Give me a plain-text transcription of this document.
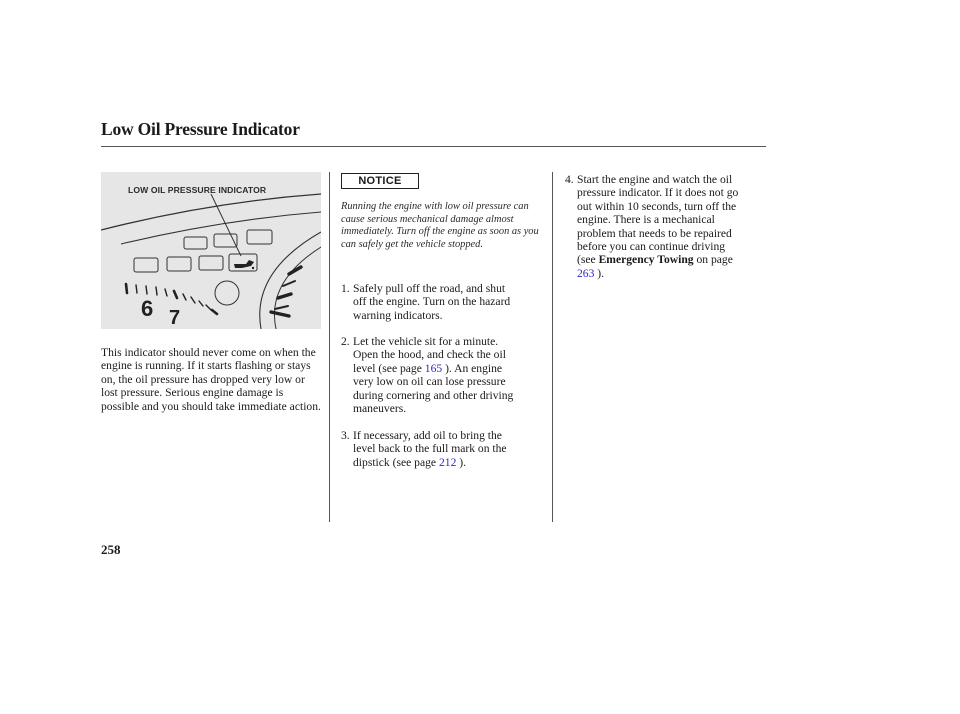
Low Oil Pressure Indicator
6 7
LOW OIL PRESSURE INDICATOR
This indicator should never come on when the engine is running. If it starts flashing or stays on, the oil pressure has dropped very low or lost pressure. Serious engine damage is possible and you should take immediate action.
NOTICE
Running the engine with low oil pressure can cause serious mechanical damage almost immediately. Turn off the engine as soon as you can safely get the vehicle stopped.
1. Safely pull off the road, and shut
off the engine. Turn on the hazard
warning indicators.
2. Let the vehicle sit for a minute.
Open the hood, and check the oil
level (see page 165 ). An engine
very low on oil can lose pressure
during cornering and other driving
maneuvers.
3. If necessary, add oil to bring the
level back to the full mark on the
dipstick (see page 212 ).
4. Start the engine and watch the oil
pressure indicator. If it does not go
out within 10 seconds, turn off the
engine. There is a mechanical
problem that needs to be repaired
before you can continue driving
(see Emergency Towing on page
263 ).
258
